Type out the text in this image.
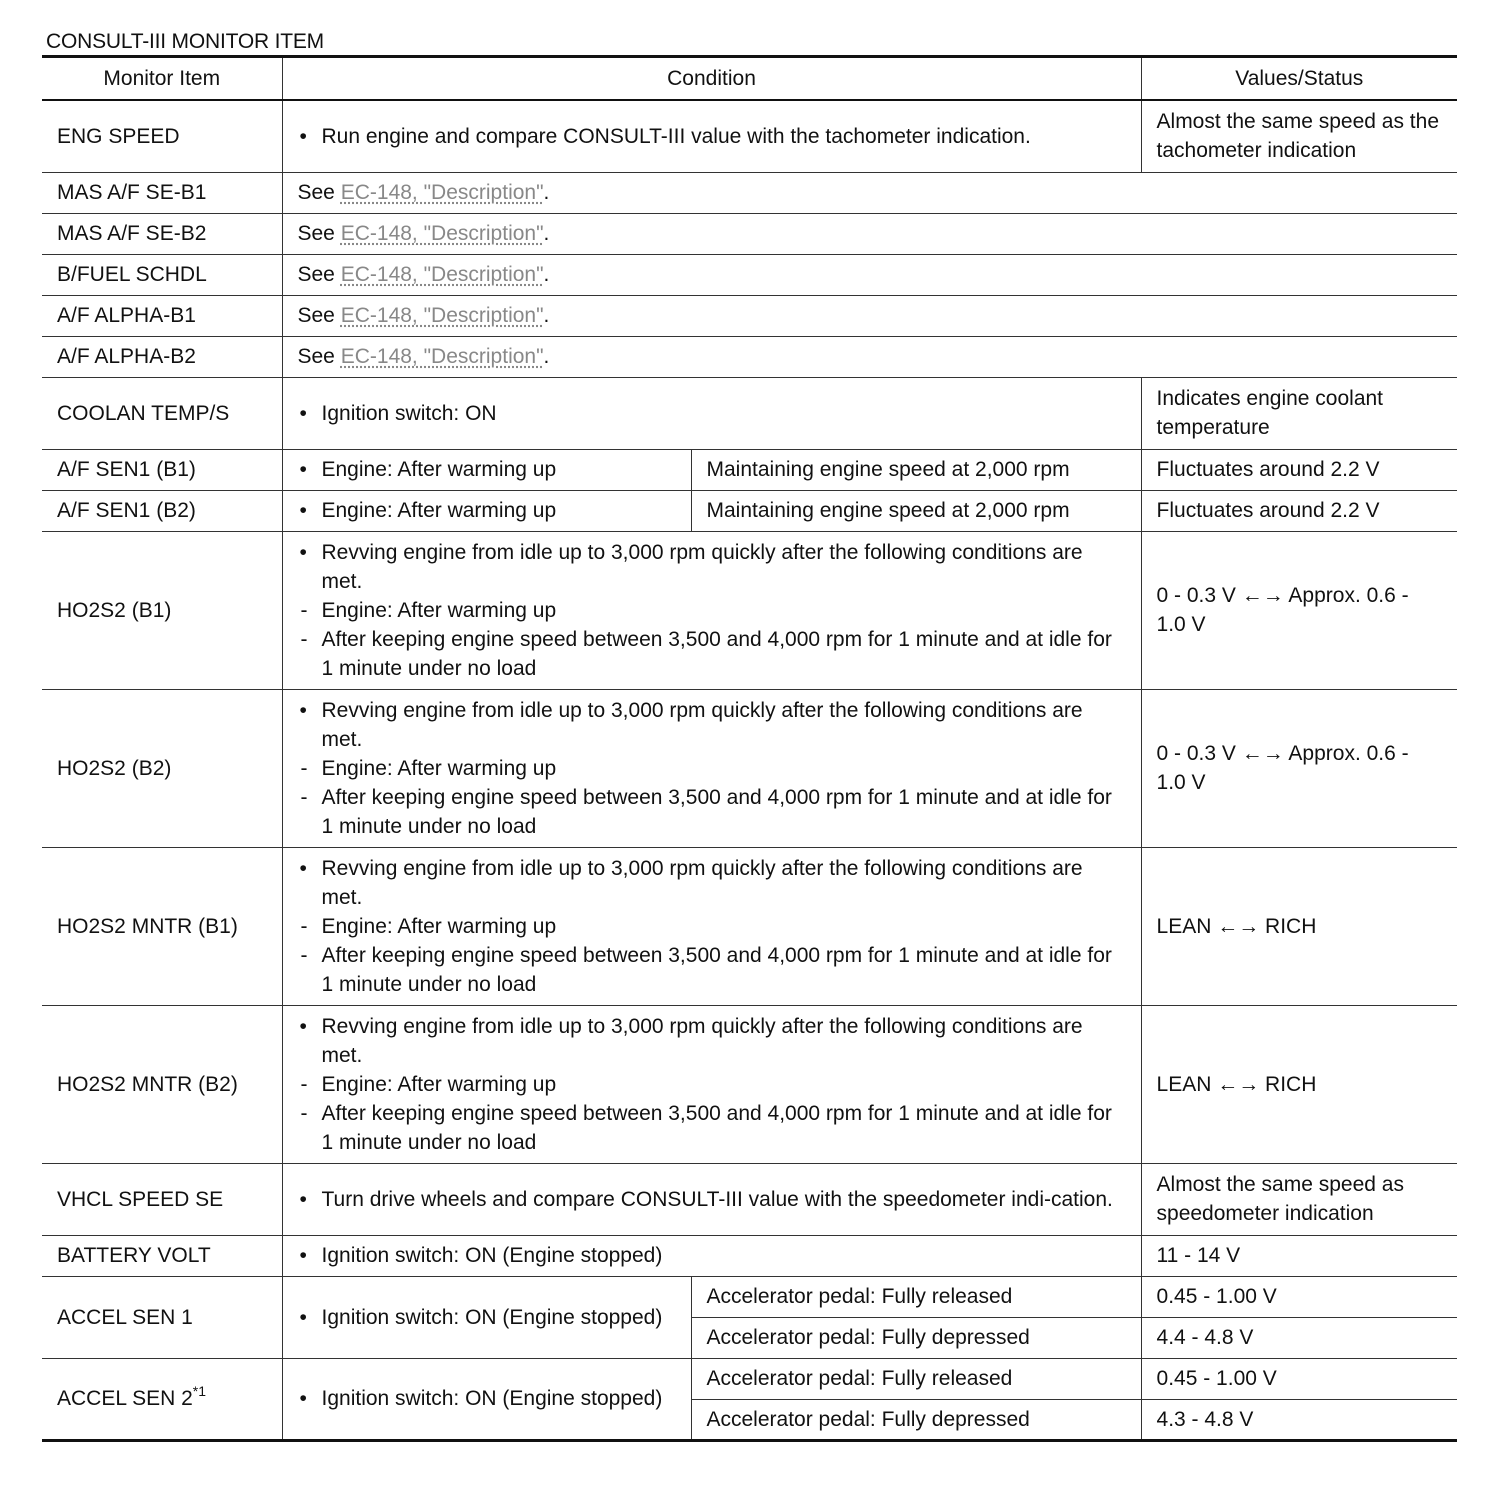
CONSULT-III MONITOR ITEM
Monitor Item	Condition		Values/Status
ENG SPEED	• Run engine and compare CONSULT-III value with the tachometer indication.		Almost the same speed as the tachometer indication
MAS A/F SE-B1	See EC-148, "Description".		
MAS A/F SE-B2	See EC-148, "Description".		
B/FUEL SCHDL	See EC-148, "Description".		
A/F ALPHA-B1	See EC-148, "Description".		
A/F ALPHA-B2	See EC-148, "Description".		
COOLAN TEMP/S	• Ignition switch: ON		Indicates engine coolant temperature
A/F SEN1 (B1)	• Engine: After warming up	Maintaining engine speed at 2,000 rpm	Fluctuates around 2.2 V
A/F SEN1 (B2)	• Engine: After warming up	Maintaining engine speed at 2,000 rpm	Fluctuates around 2.2 V
HO2S2 (B1)	• Revving engine from idle up to 3,000 rpm quickly after the following conditions are met.
- Engine: After warming up
- After keeping engine speed between 3,500 and 4,000 rpm for 1 minute and at idle for 1 minute under no load		0 - 0.3 V ←→ Approx. 0.6 - 1.0 V
HO2S2 (B2)	• Revving engine from idle up to 3,000 rpm quickly after the following conditions are met.
- Engine: After warming up
- After keeping engine speed between 3,500 and 4,000 rpm for 1 minute and at idle for 1 minute under no load		0 - 0.3 V ←→ Approx. 0.6 - 1.0 V
HO2S2 MNTR (B1)	• Revving engine from idle up to 3,000 rpm quickly after the following conditions are met.
- Engine: After warming up
- After keeping engine speed between 3,500 and 4,000 rpm for 1 minute and at idle for 1 minute under no load		LEAN ←→ RICH
HO2S2 MNTR (B2)	• Revving engine from idle up to 3,000 rpm quickly after the following conditions are met.
- Engine: After warming up
- After keeping engine speed between 3,500 and 4,000 rpm for 1 minute and at idle for 1 minute under no load		LEAN ←→ RICH
VHCL SPEED SE	• Turn drive wheels and compare CONSULT-III value with the speedometer indi-cation.		Almost the same speed as speedometer indication
BATTERY VOLT	• Ignition switch: ON (Engine stopped)		11 - 14 V
ACCEL SEN 1	• Ignition switch: ON (Engine stopped)	Accelerator pedal: Fully released	0.45 - 1.00 V
		Accelerator pedal: Fully depressed	4.4 - 4.8 V
ACCEL SEN 2$^{*1}$	• Ignition switch: ON (Engine stopped)	Accelerator pedal: Fully released	0.45 - 1.00 V
		Accelerator pedal: Fully depressed	4.3 - 4.8 V
